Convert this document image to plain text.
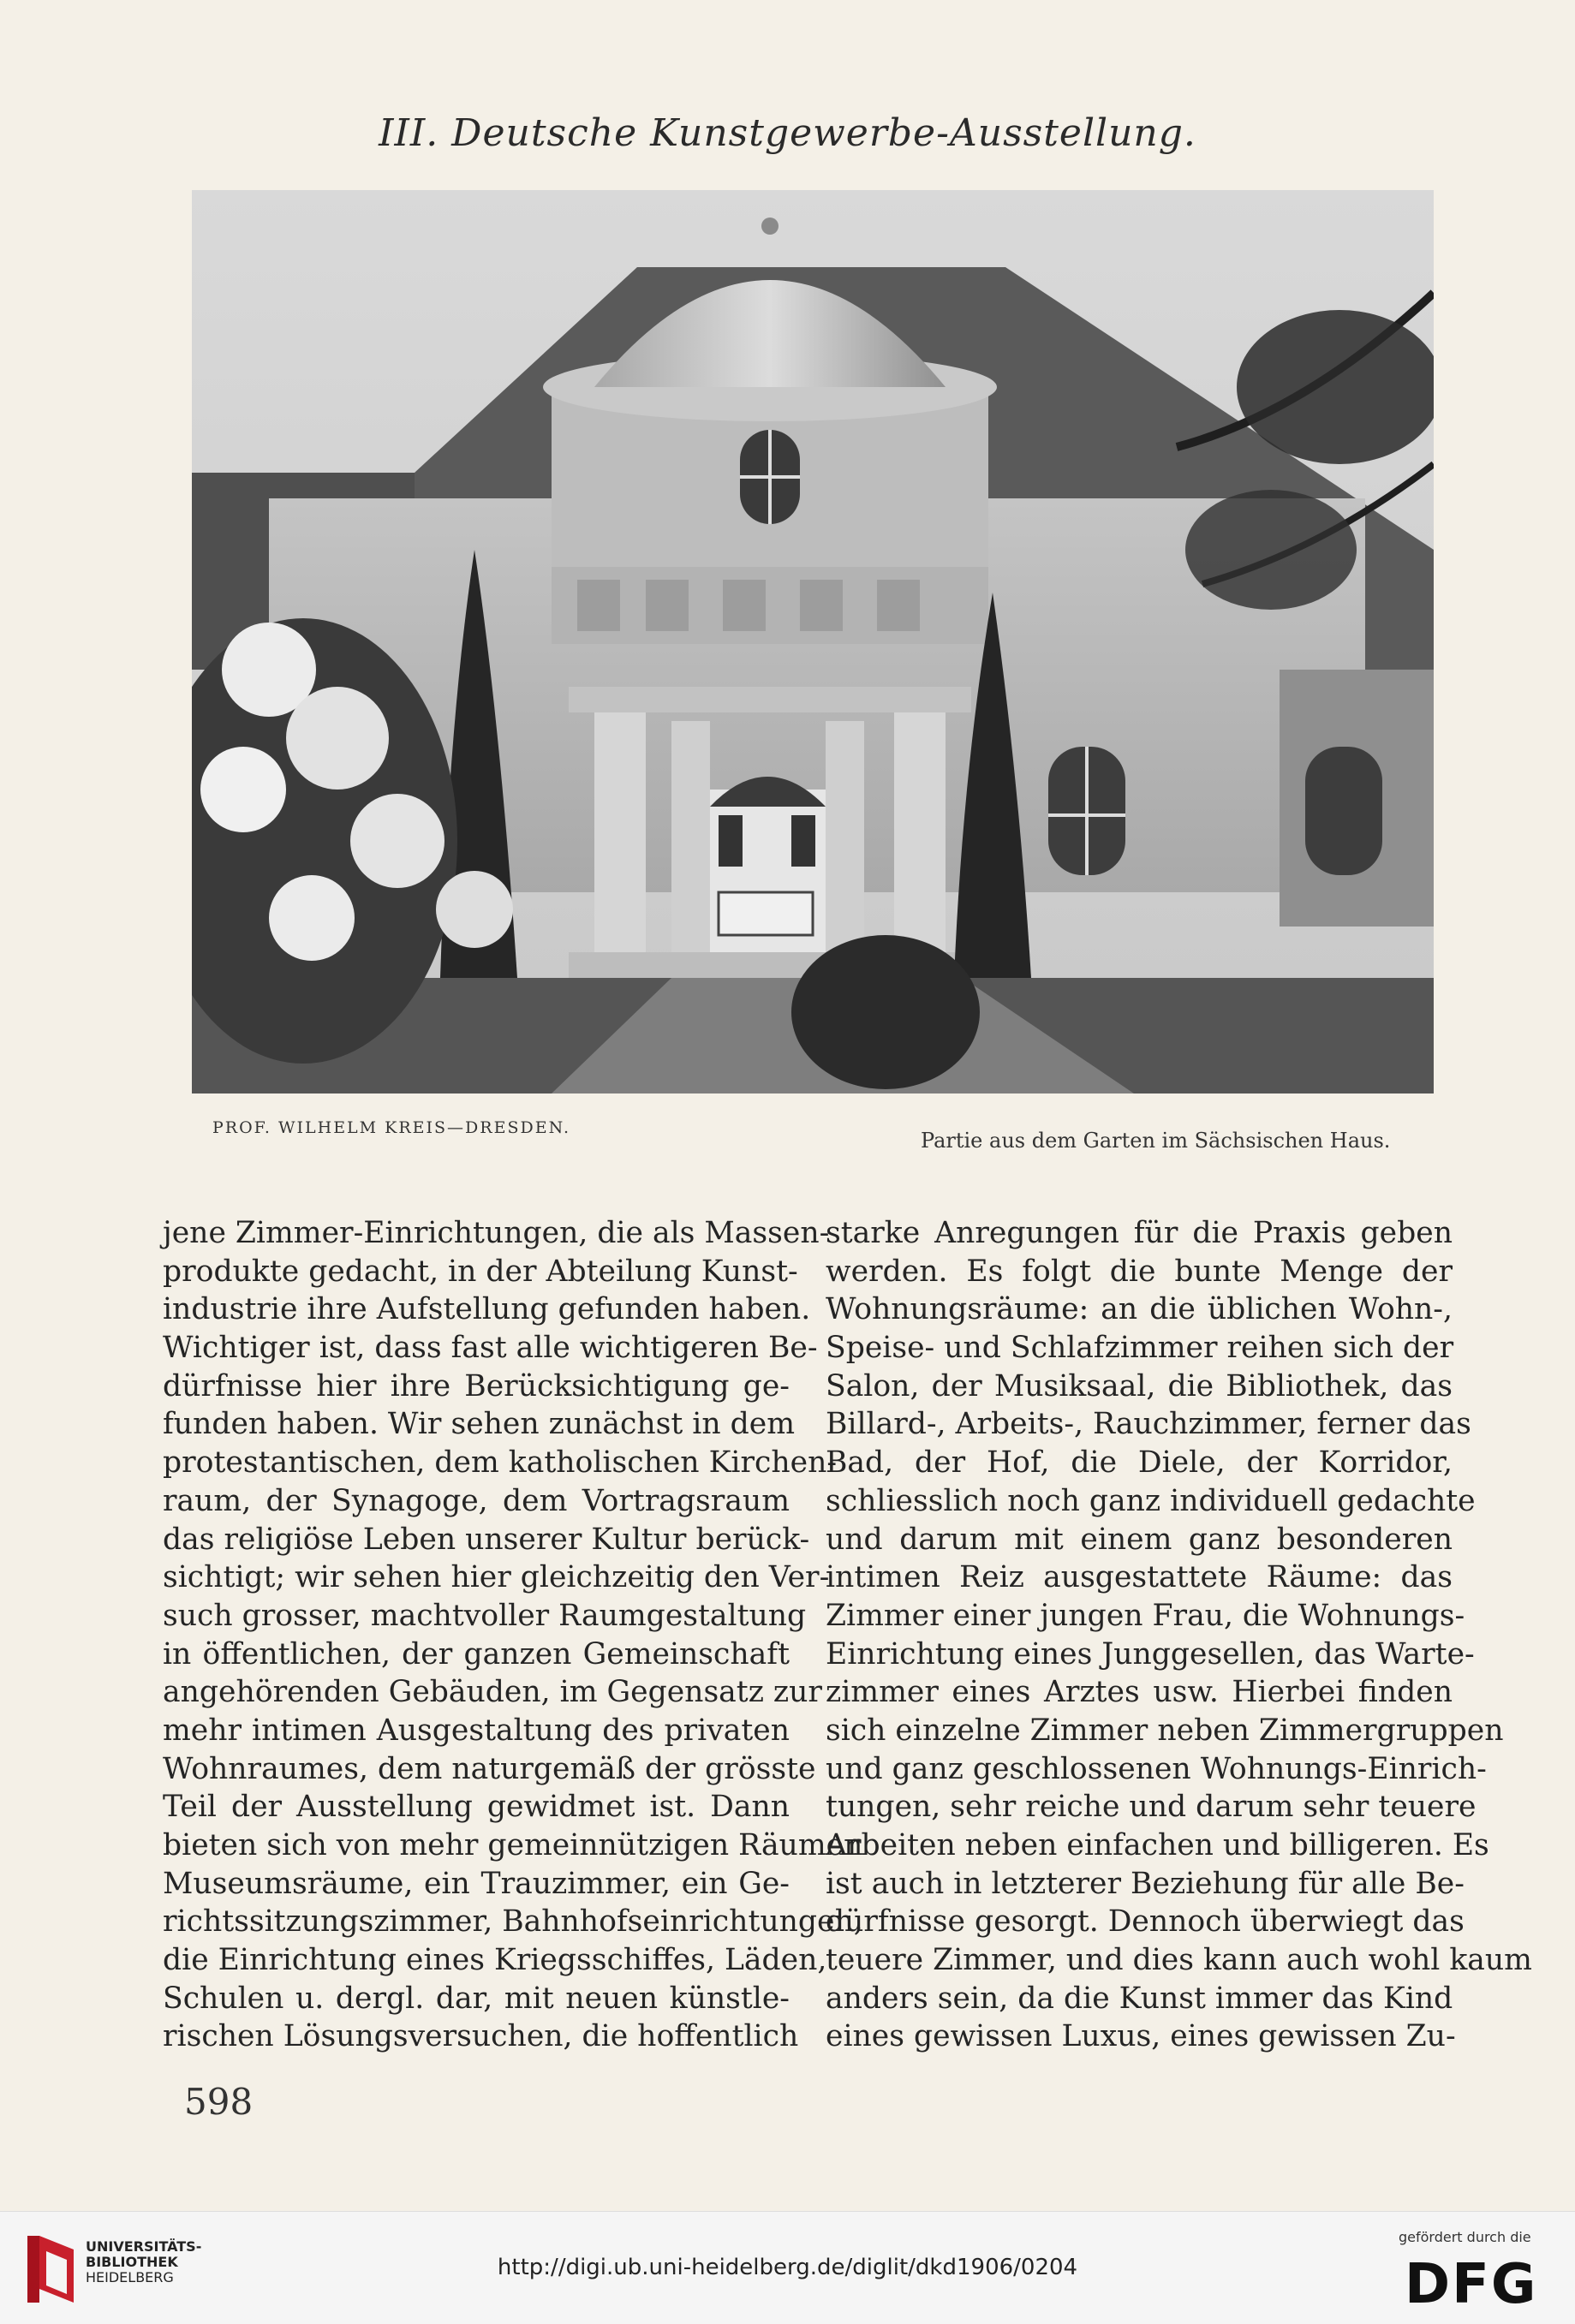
III. Deutsche Kunstgewerbe-Ausstellung.
PROF. WILHELM KREIS—DRESDEN.
Partie aus dem Garten im Sächsischen Haus.
jene Zimmer-Einrichtungen, die als Massen-
produkte gedacht, in der Abteilung Kunst-
industrie ihre Aufstellung gefunden haben.
Wichtiger ist, dass fast alle wichtigeren Be-
dürfnisse hier ihre Berücksichtigung ge-
funden haben. Wir sehen zunächst in dem
protestantischen, dem katholischen Kirchen-
raum, der Synagoge, dem Vortragsraum
das religiöse Leben unserer Kultur berück-
sichtigt; wir sehen hier gleichzeitig den Ver-
such grosser, machtvoller Raumgestaltung
in öffentlichen, der ganzen Gemeinschaft
angehörenden Gebäuden, im Gegensatz zur
mehr intimen Ausgestaltung des privaten
Wohnraumes, dem naturgemäß der grösste
Teil der Ausstellung gewidmet ist. Dann
bieten sich von mehr gemeinnützigen Räumen
Museumsräume, ein Trauzimmer, ein Ge-
richtssitzungszimmer, Bahnhofseinrichtungen,
die Einrichtung eines Kriegsschiffes, Läden,
Schulen u. dergl. dar, mit neuen künstle-
rischen Lösungsversuchen, die hoffentlich
starke Anregungen für die Praxis geben
werden. Es folgt die bunte Menge der
Wohnungsräume: an die üblichen Wohn-,
Speise- und Schlafzimmer reihen sich der
Salon, der Musiksaal, die Bibliothek, das
Billard-, Arbeits-, Rauchzimmer, ferner das
Bad, der Hof, die Diele, der Korridor,
schliesslich noch ganz individuell gedachte
und darum mit einem ganz besonderen
intimen Reiz ausgestattete Räume: das
Zimmer einer jungen Frau, die Wohnungs-
Einrichtung eines Junggesellen, das Warte-
zimmer eines Arztes usw. Hierbei finden
sich einzelne Zimmer neben Zimmergruppen
und ganz geschlossenen Wohnungs-Einrich-
tungen, sehr reiche und darum sehr teuere
Arbeiten neben einfachen und billigeren. Es
ist auch in letzterer Beziehung für alle Be-
dürfnisse gesorgt. Dennoch überwiegt das
teuere Zimmer, und dies kann auch wohl kaum
anders sein, da die Kunst immer das Kind
eines gewissen Luxus, eines gewissen Zu-
598
UNIVERSITÄTS-
BIBLIOTHEK
HEIDELBERG	http://digi.ub.uni-heidelberg.de/diglit/dkd1906/0204
gefördert durch die
DFG
